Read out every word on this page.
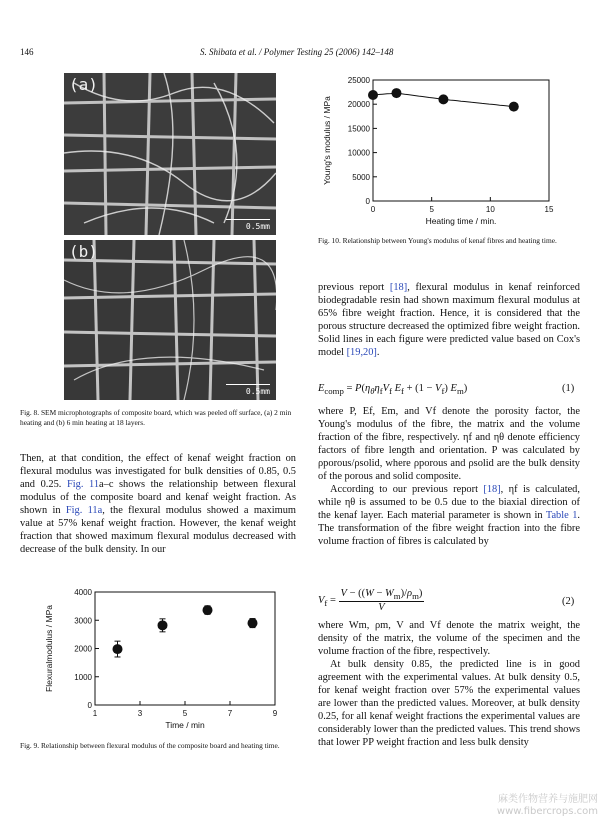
146	S. Shibata et al. / Polymer Testing 25 (2006) 142–148
(a)
0.5mm
(b)
0.5mm
Fig. 8. SEM microphotographs of composite board, which was peeled off surface, (a) 2 min heating and (b) 6 min heating at 18 layers.

Then, at that condition, the effect of kenaf weight fraction on flexural modulus was investigated for bulk densities of 0.85, 0.5 and 0.25. Fig. 11a–c shows the relationship between flexural modulus of the composite board and kenaf weight fraction. As shown in Fig. 11a, the flexural modulus showed a maximum value at 57% kenaf weight fraction. However, the kenaf weight fraction that showed maximum flexural modulus decreased with decrease of the bulk density. In our

1	3	5	7	9
0
1000
2000
3000
4000
Time / min
Flexuralmodulus / MPa
Fig. 9. Relationship between flexural modulus of the composite board and heating time.
0	5	10	15
0
5000
10000
15000
20000
25000
Heating time / min.
Young's modulus / MPa
Fig. 10. Relationship between Young's modulus of kenaf fibres and heating time.

previous report [18], flexural modulus in kenaf reinforced biodegradable resin had shown maximum flexural modulus at 65% fibre weight fraction. Hence, it is considered that the porous structure decreased the optimized fibre weight fraction. Solid lines in each figure were predicted value based on Cox's model [19,20].

$E_{comp} = P(\eta_\theta\eta_fV_f$ $E_f + (1 - V_f)$ $E_m$)	(1)

where P, Ef, Em, and Vf denote the porosity factor, the Young's modulus of the fibre, the matrix and the volume fraction of the fibre, respectively. ηf and ηθ denote efficiency factors of fibre length and orientation. P was calculated by ρporous/ρsolid, where ρporous and ρsolid are the bulk density of the porous and solid composite.

According to our previous report [18], ηf is calculated, while ηθ is assumed to be 0.5 due to the biaxial direction of the kenaf layer. Each material parameter is shown in Table 1. The transformation of the fibre weight fraction into the fibre volume fraction of fibres is calculated by

$V_f = \frac{V - ((W - W_m)/\rho_m)}{V}$	(2)

where Wm, ρm, V and Vf denote the matrix weight, the density of the matrix, the volume of the specimen and the volume fraction of the fibre, respectively.

At bulk density 0.85, the predicted line is in good agreement with the experimental values. At bulk density 0.5, for kenaf weight fraction over 57% the experimental values are lower than the predicted values. Moreover, at bulk density 0.25, for all kenaf weight fractions the experimental values are considerably lower than the predicted values. This trend shows that lower PP weight fraction and less bulk density

麻类作物营养与施肥网
www.fibercrops.com
